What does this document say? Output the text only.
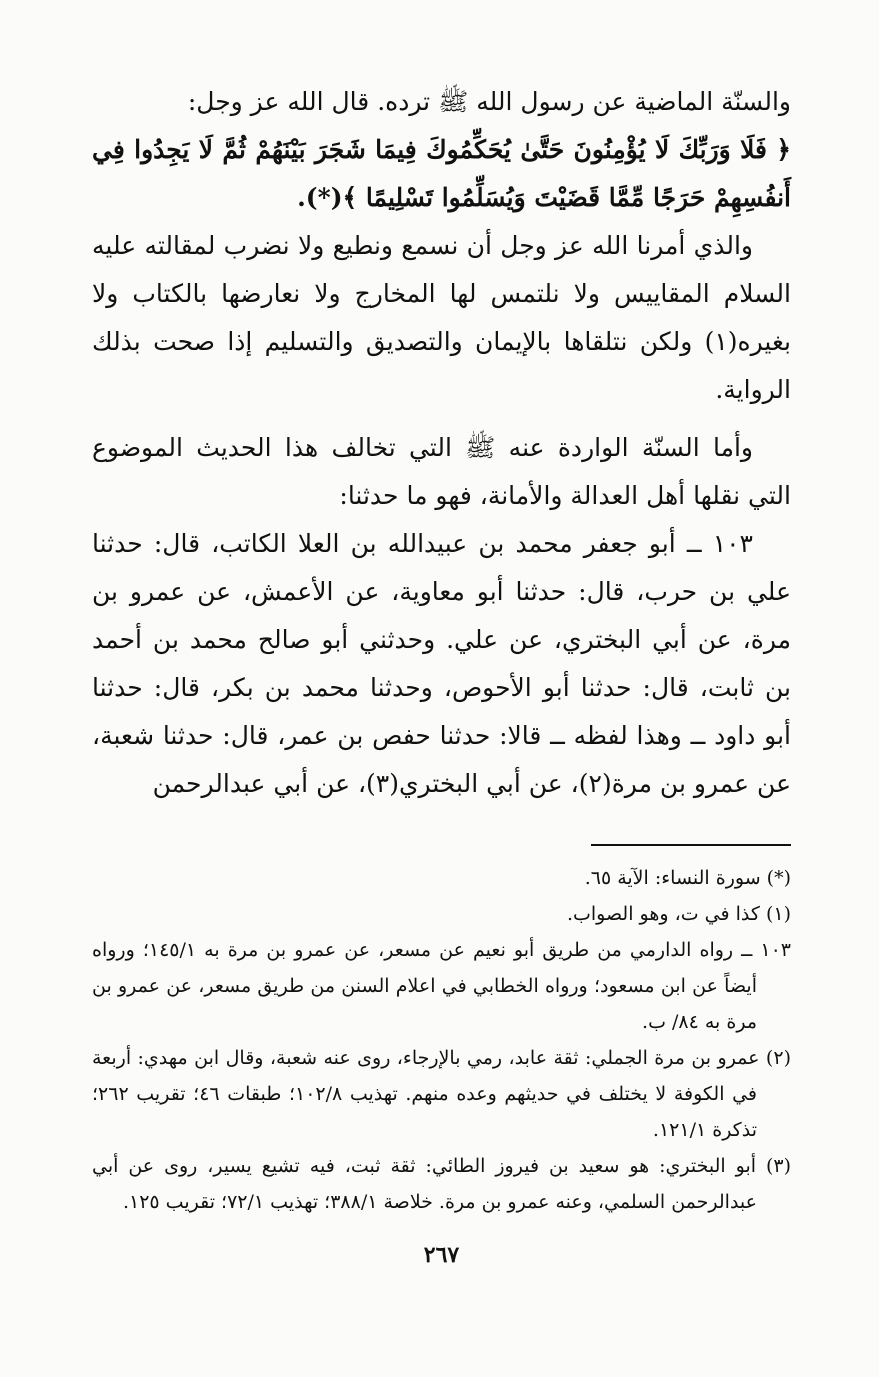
والسنّة الماضية عن رسول الله ﷺ ترده. قال الله عز وجل:

﴿ فَلَا وَرَبِّكَ لَا يُؤْمِنُونَ حَتَّىٰ يُحَكِّمُوكَ فِيمَا شَجَرَ بَيْنَهُمْ ثُمَّ لَا يَجِدُوا فِي أَنفُسِهِمْ حَرَجًا مِّمَّا قَضَيْتَ وَيُسَلِّمُوا تَسْلِيمًا ﴾(*).

والذي أمرنا الله عز وجل أن نسمع ونطيع ولا نضرب لمقالته عليه السلام المقاييس ولا نلتمس لها المخارج ولا نعارضها بالكتاب ولا بغيره(١) ولكن نتلقاها بالإيمان والتصديق والتسليم إذا صحت بذلك الرواية.

وأما السنّة الواردة عنه ﷺ التي تخالف هذا الحديث الموضوع التي نقلها أهل العدالة والأمانة، فهو ما حدثنا:

١٠٣ ــ أبو جعفر محمد بن عبيدالله بن العلا الكاتب، قال: حدثنا علي بن حرب، قال: حدثنا أبو معاوية، عن الأعمش، عن عمرو بن مرة، عن أبي البختري، عن علي. وحدثني أبو صالح محمد بن أحمد بن ثابت، قال: حدثنا أبو الأحوص، وحدثنا محمد بن بكر، قال: حدثنا أبو داود ــ وهذا لفظه ــ قالا: حدثنا حفص بن عمر، قال: حدثنا شعبة، عن عمرو بن مرة(٢)، عن أبي البختري(٣)، عن أبي عبدالرحمن

(*) سورة النساء: الآية ٦٥.

(١) كذا في ت، وهو الصواب.

١٠٣ ــ رواه الدارمي من طريق أبو نعيم عن مسعر، عن عمرو بن مرة به ١٤٥/١؛ ورواه أيضاً عن ابن مسعود؛ ورواه الخطابي في اعلام السنن من طريق مسعر، عن عمرو بن مرة به ٨٤/ ب.

(٢) عمرو بن مرة الجملي: ثقة عابد، رمي بالإرجاء، روى عنه شعبة، وقال ابن مهدي: أربعة في الكوفة لا يختلف في حديثهم وعده منهم. تهذيب ١٠٢/٨؛ طبقات ٤٦؛ تقريب ٢٦٢؛ تذكرة ١٢١/١.

(٣) أبو البختري: هو سعيد بن فيروز الطائي: ثقة ثبت، فيه تشيع يسير، روى عن أبي عبدالرحمن السلمي، وعنه عمرو بن مرة. خلاصة ٣٨٨/١؛ تهذيب ٧٢/١؛ تقريب ١٢٥.

٢٦٧
